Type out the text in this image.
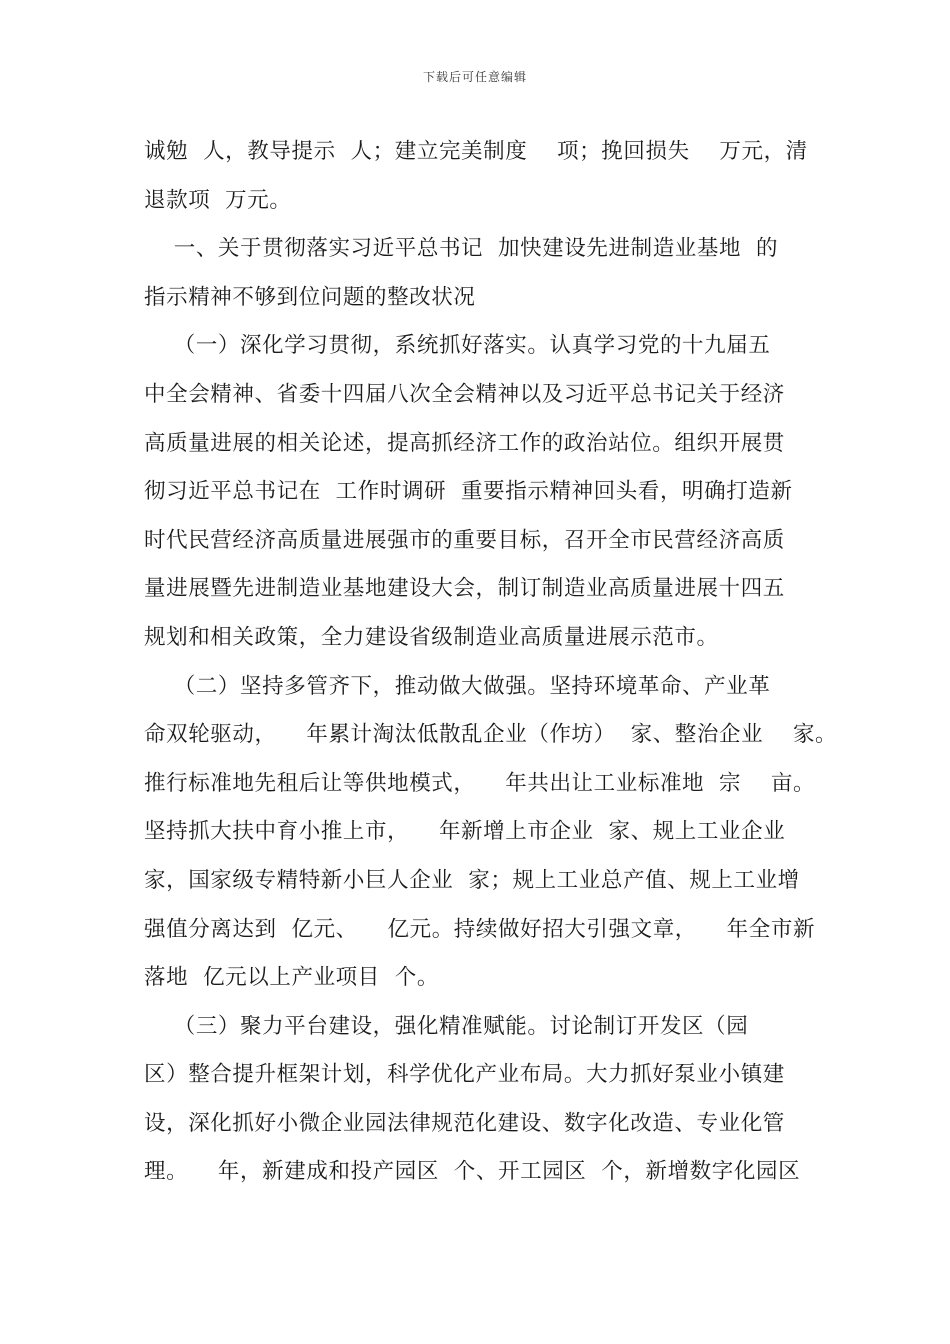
下载后可任意编辑
诚勉  人，教导提示  人；建立完美制度    项；挽回损失    万元，清
退款项  万元。
一、关于贯彻落实习近平总书记  加快建设先进制造业基地  的
指示精神不够到位问题的整改状况
（一）深化学习贯彻，系统抓好落实。认真学习党的十九届五
中全会精神、省委十四届八次全会精神以及习近平总书记关于经济
高质量进展的相关论述，提高抓经济工作的政治站位。组织开展贯
彻习近平总书记在  工作时调研  重要指示精神回头看，明确打造新
时代民营经济高质量进展强市的重要目标，召开全市民营经济高质
量进展暨先进制造业基地建设大会，制订制造业高质量进展十四五
规划和相关政策，全力建设省级制造业高质量进展示范市。
（二）坚持多管齐下，推动做大做强。坚持环境革命、产业革
命双轮驱动，    年累计淘汰低散乱企业（作坊）  家、整治企业    家。
推行标准地先租后让等供地模式，    年共出让工业标准地  宗    亩。
坚持抓大扶中育小推上市，    年新增上市企业  家、规上工业企业
家，国家级专精特新小巨人企业  家；规上工业总产值、规上工业增
强值分离达到  亿元、    亿元。持续做好招大引强文章，    年全市新
落地  亿元以上产业项目  个。
（三）聚力平台建设，强化精准赋能。讨论制订开发区（园
区）整合提升框架计划，科学优化产业布局。大力抓好泵业小镇建
设，深化抓好小微企业园法律规范化建设、数字化改造、专业化管
理。    年，新建成和投产园区  个、开工园区  个，新增数字化园区
